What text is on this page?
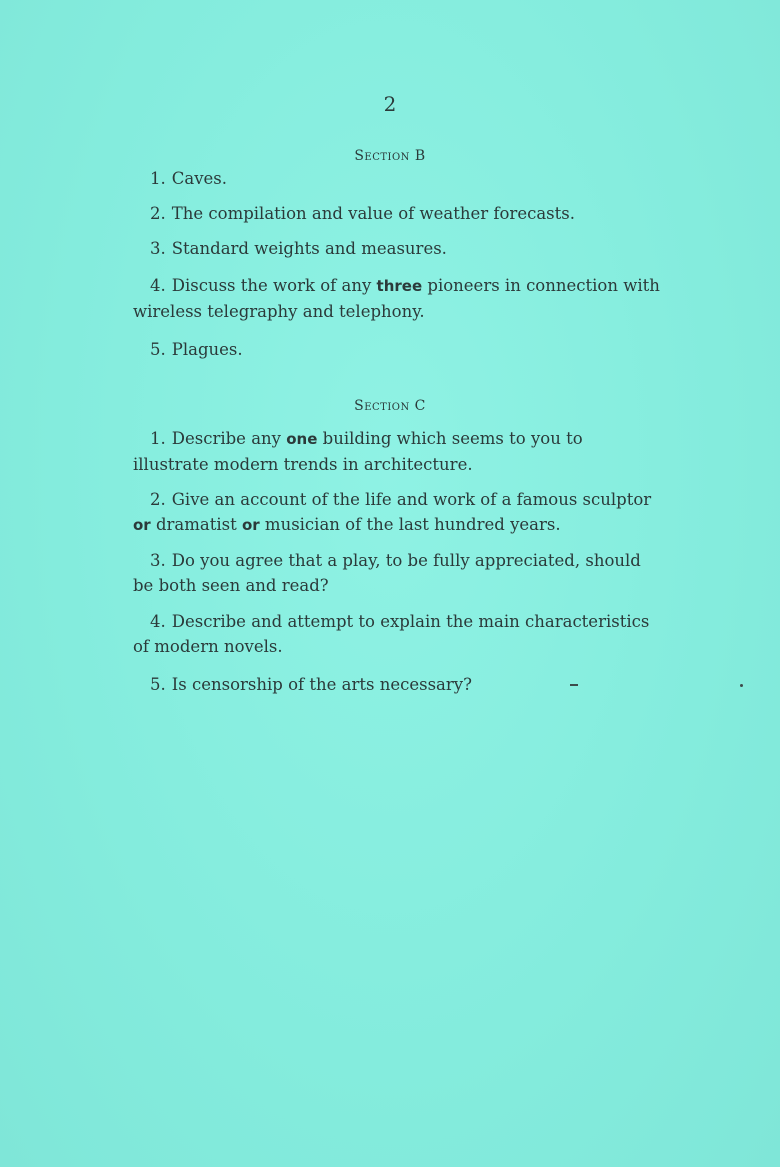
2
Section B

1. Caves.

2. The compilation and value of weather forecasts.

3. Standard weights and measures.

4. Discuss the work of any three pioneers in connection with wireless telegraphy and telephony.

5. Plagues.

Section C

1. Describe any one building which seems to you to illustrate modern trends in architecture.

2. Give an account of the life and work of a famous sculptor or dramatist or musician of the last hundred years.

3. Do you agree that a play, to be fully appreciated, should be both seen and read?

4. Describe and attempt to explain the main characteristics of modern novels.

5. Is censorship of the arts necessary?
